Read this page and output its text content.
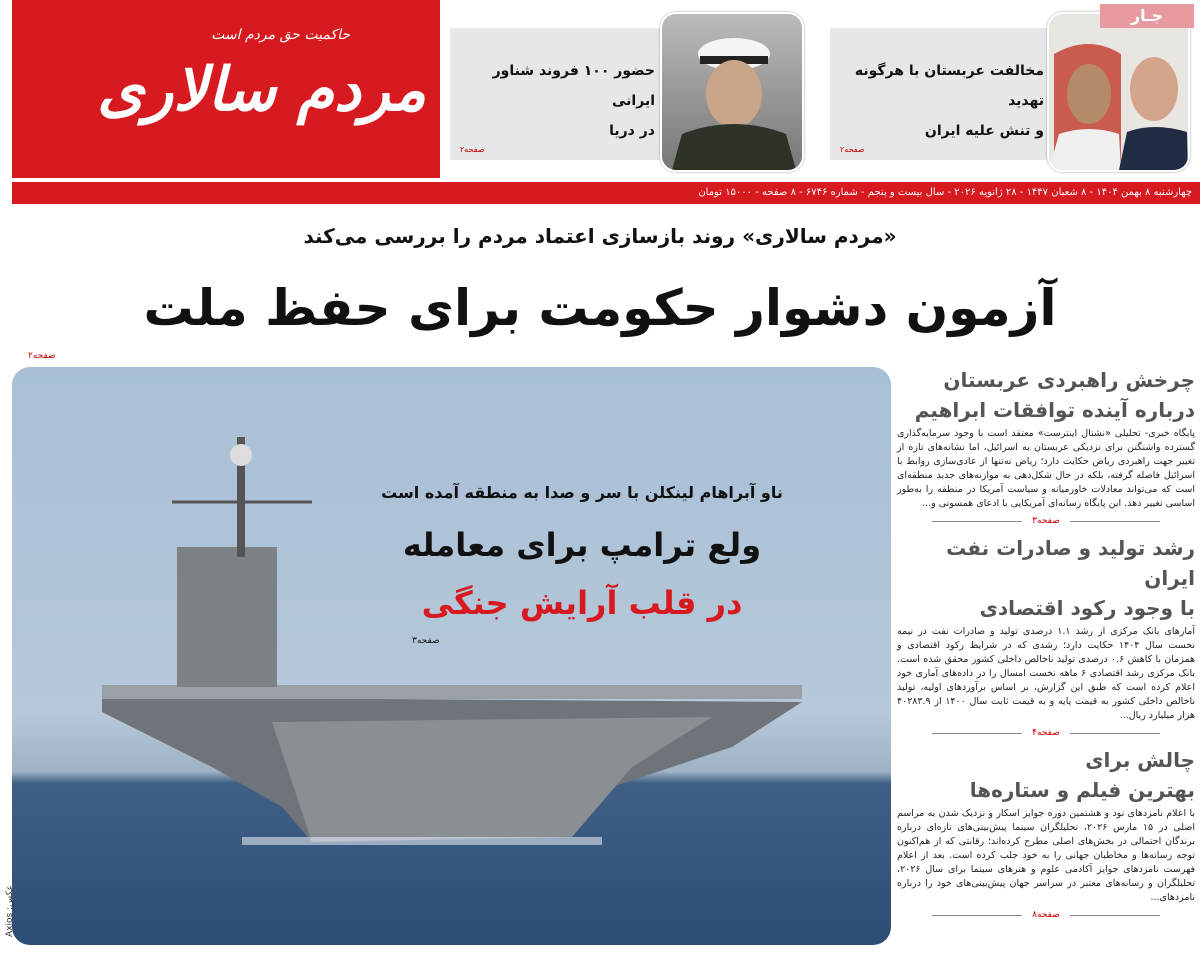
حاکمیت حق مردم است
مردم سالاری	حضور ۱۰۰ فروند شناور ایرانی
در دریا
صفحه۲
مخالفت عربستان با هرگونه تهدید
و تنش علیه ایران
صفحه۲
جـار
چهارشنبه ۸ بهمن ۱۴۰۴ - ۸ شعبان ۱۴۴۷ - ۲۸ ژانویه ۲۰۲۶ - سال بیست و پنجم - شماره ۶۷۴۶ - ۸ صفحه - ۱۵۰۰۰ تومان
«مردم سالاری» روند بازسازی اعتماد مردم را بررسی می‌کند
آزمون دشوار حکومت برای حفظ ملت
صفحه۲
ناو آبراهام لینکلن با سر و صدا به منطقه آمده است
ولع ترامپ برای معامله
در قلب آرایش جنگی
صفحه۳
عکس: Axios
چرخش راهبردی عربستان
درباره آینده توافقات ابراهیم
پایگاه خبری- تحلیلی «نشنال اینترست» معتقد است با وجود سرمایه‌گذاری گسترده واشنگتن برای نزدیکی عربستان به اسرائیل، اما نشانه‌های تازه از تغییر جهت راهبردی ریاض حکایت دارد؛ ریاض نه‌تنها از عادی‌سازی روابط با اسرائیل فاصله گرفته، بلکه در حال شکل‌دهی به موازنه‌های جدید منطقه‌ای است که می‌تواند معادلات خاورمیانه و سیاست آمریکا در منطقه را به‌طور اساسی تغییر دهد. این پایگاه رسانه‌ای آمریکایی با ادعای همسونی و...
صفحه۳
رشد تولید و صادرات نفت ایران
با وجود رکود اقتصادی
آمارهای بانک مرکزی از رشد ۱.۱ درصدی تولید و صادرات نفت در نیمه نخست سال ۱۴۰۴ حکایت دارد؛ رشدی که در شرایط رکود اقتصادی و همزمان با کاهش ۰.۶ درصدی تولید ناخالص داخلی کشور محقق شده است. بانک مرکزی رشد اقتصادی ۶ ماهه نخست امسال را در داده‌های آماری خود اعلام کرده است که طبق این گزارش، بر اساس برآوردهای اولیه، تولید ناخالص داخلی کشور به قیمت پایه و به قیمت ثابت سال ۱۴۰۰ از ۴۰۲۸۳.۹ هزار میلیارد ریال...
صفحه۴
چالش برای
بهترین فیلم و ستاره‌ها
با اعلام نامزدهای نود و هشتمین دوره جوایز اسکار و نزدیک شدن به مراسم اصلی در ۱۵ مارس ۲۰۲۶، تحلیلگران سینما پیش‌بینی‌های تازه‌ای درباره برندگان احتمالی در بخش‌های اصلی مطرح کرده‌اند؛ رقابتی که از هم‌اکنون توجه رسانه‌ها و مخاطبان جهانی را به خود جلب کرده است. بعد از اعلام فهرست نامزدهای جوایز آکادمی علوم و هنرهای سینما برای سال ۲۰۲۶، تحلیلگران و رسانه‌های معتبر در سراسر جهان پیش‌بینی‌های خود را درباره نامزدهای...
صفحه۸
